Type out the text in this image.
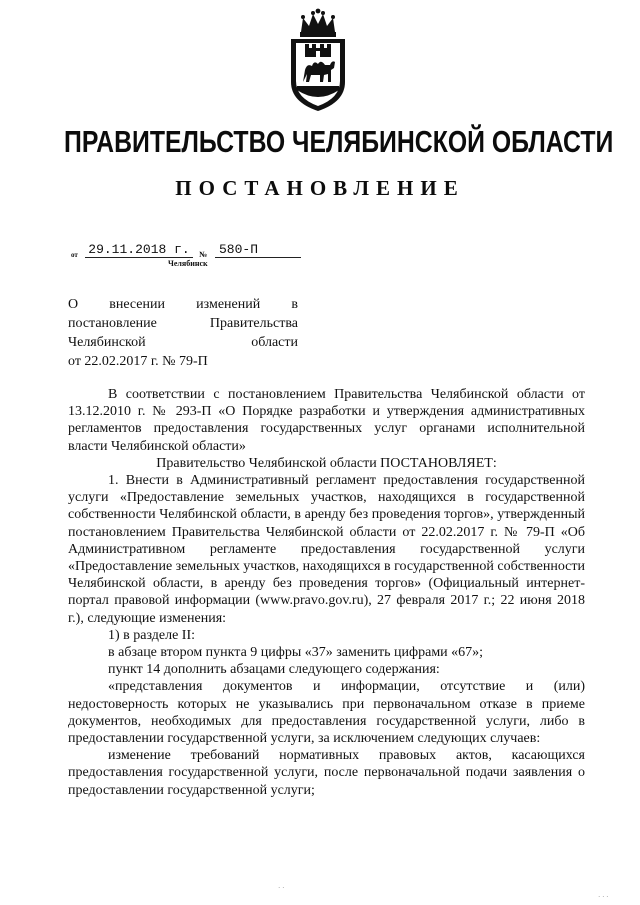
ПРАВИТЕЛЬСТВО ЧЕЛЯБИНСКОЙ ОБЛАСТИ
ПОСТАНОВЛЕНИЕ
от 29.11.2018 г.	№ 580-П
Челябинск
О внесении изменений в
постановление Правительства
Челябинской области
от 22.02.2017 г. № 79-П

В соответствии с постановлением Правительства Челябинской области от 13.12.2010 г. № 293-П «О Порядке разработки и утверждения административных регламентов предоставления государственных услуг органами исполнительной власти Челябинской области»

Правительство Челябинской области ПОСТАНОВЛЯЕТ:

1. Внести в Административный регламент предоставления государственной услуги «Предоставление земельных участков, находящихся в государственной собственности Челябинской области, в аренду без проведения торгов», утвержденный постановлением Правительства Челябинской области от 22.02.2017 г. № 79-П «Об Административном регламенте предоставления государственной услуги «Предоставление земельных участков, находящихся в государственной собственности Челябинской области, в аренду без проведения торгов» (Официальный интернет-портал правовой информации (www.pravo.gov.ru), 27 февраля 2017 г.; 22 июня 2018 г.), следующие изменения:

1) в разделе II:

в абзаце втором пункта 9 цифры «37» заменить цифрами «67»;

пункт 14 дополнить абзацами следующего содержания:

«представления документов и информации, отсутствие и (или) недостоверность которых не указывались при первоначальном отказе в приеме документов, необходимых для предоставления государственной услуги, либо в предоставлении государственной услуги, за исключением следующих случаев:

изменение требований нормативных правовых актов, касающихся предоставления государственной услуги, после первоначальной подачи заявления о предоставлении государственной услуги;

· ·
· · ·
